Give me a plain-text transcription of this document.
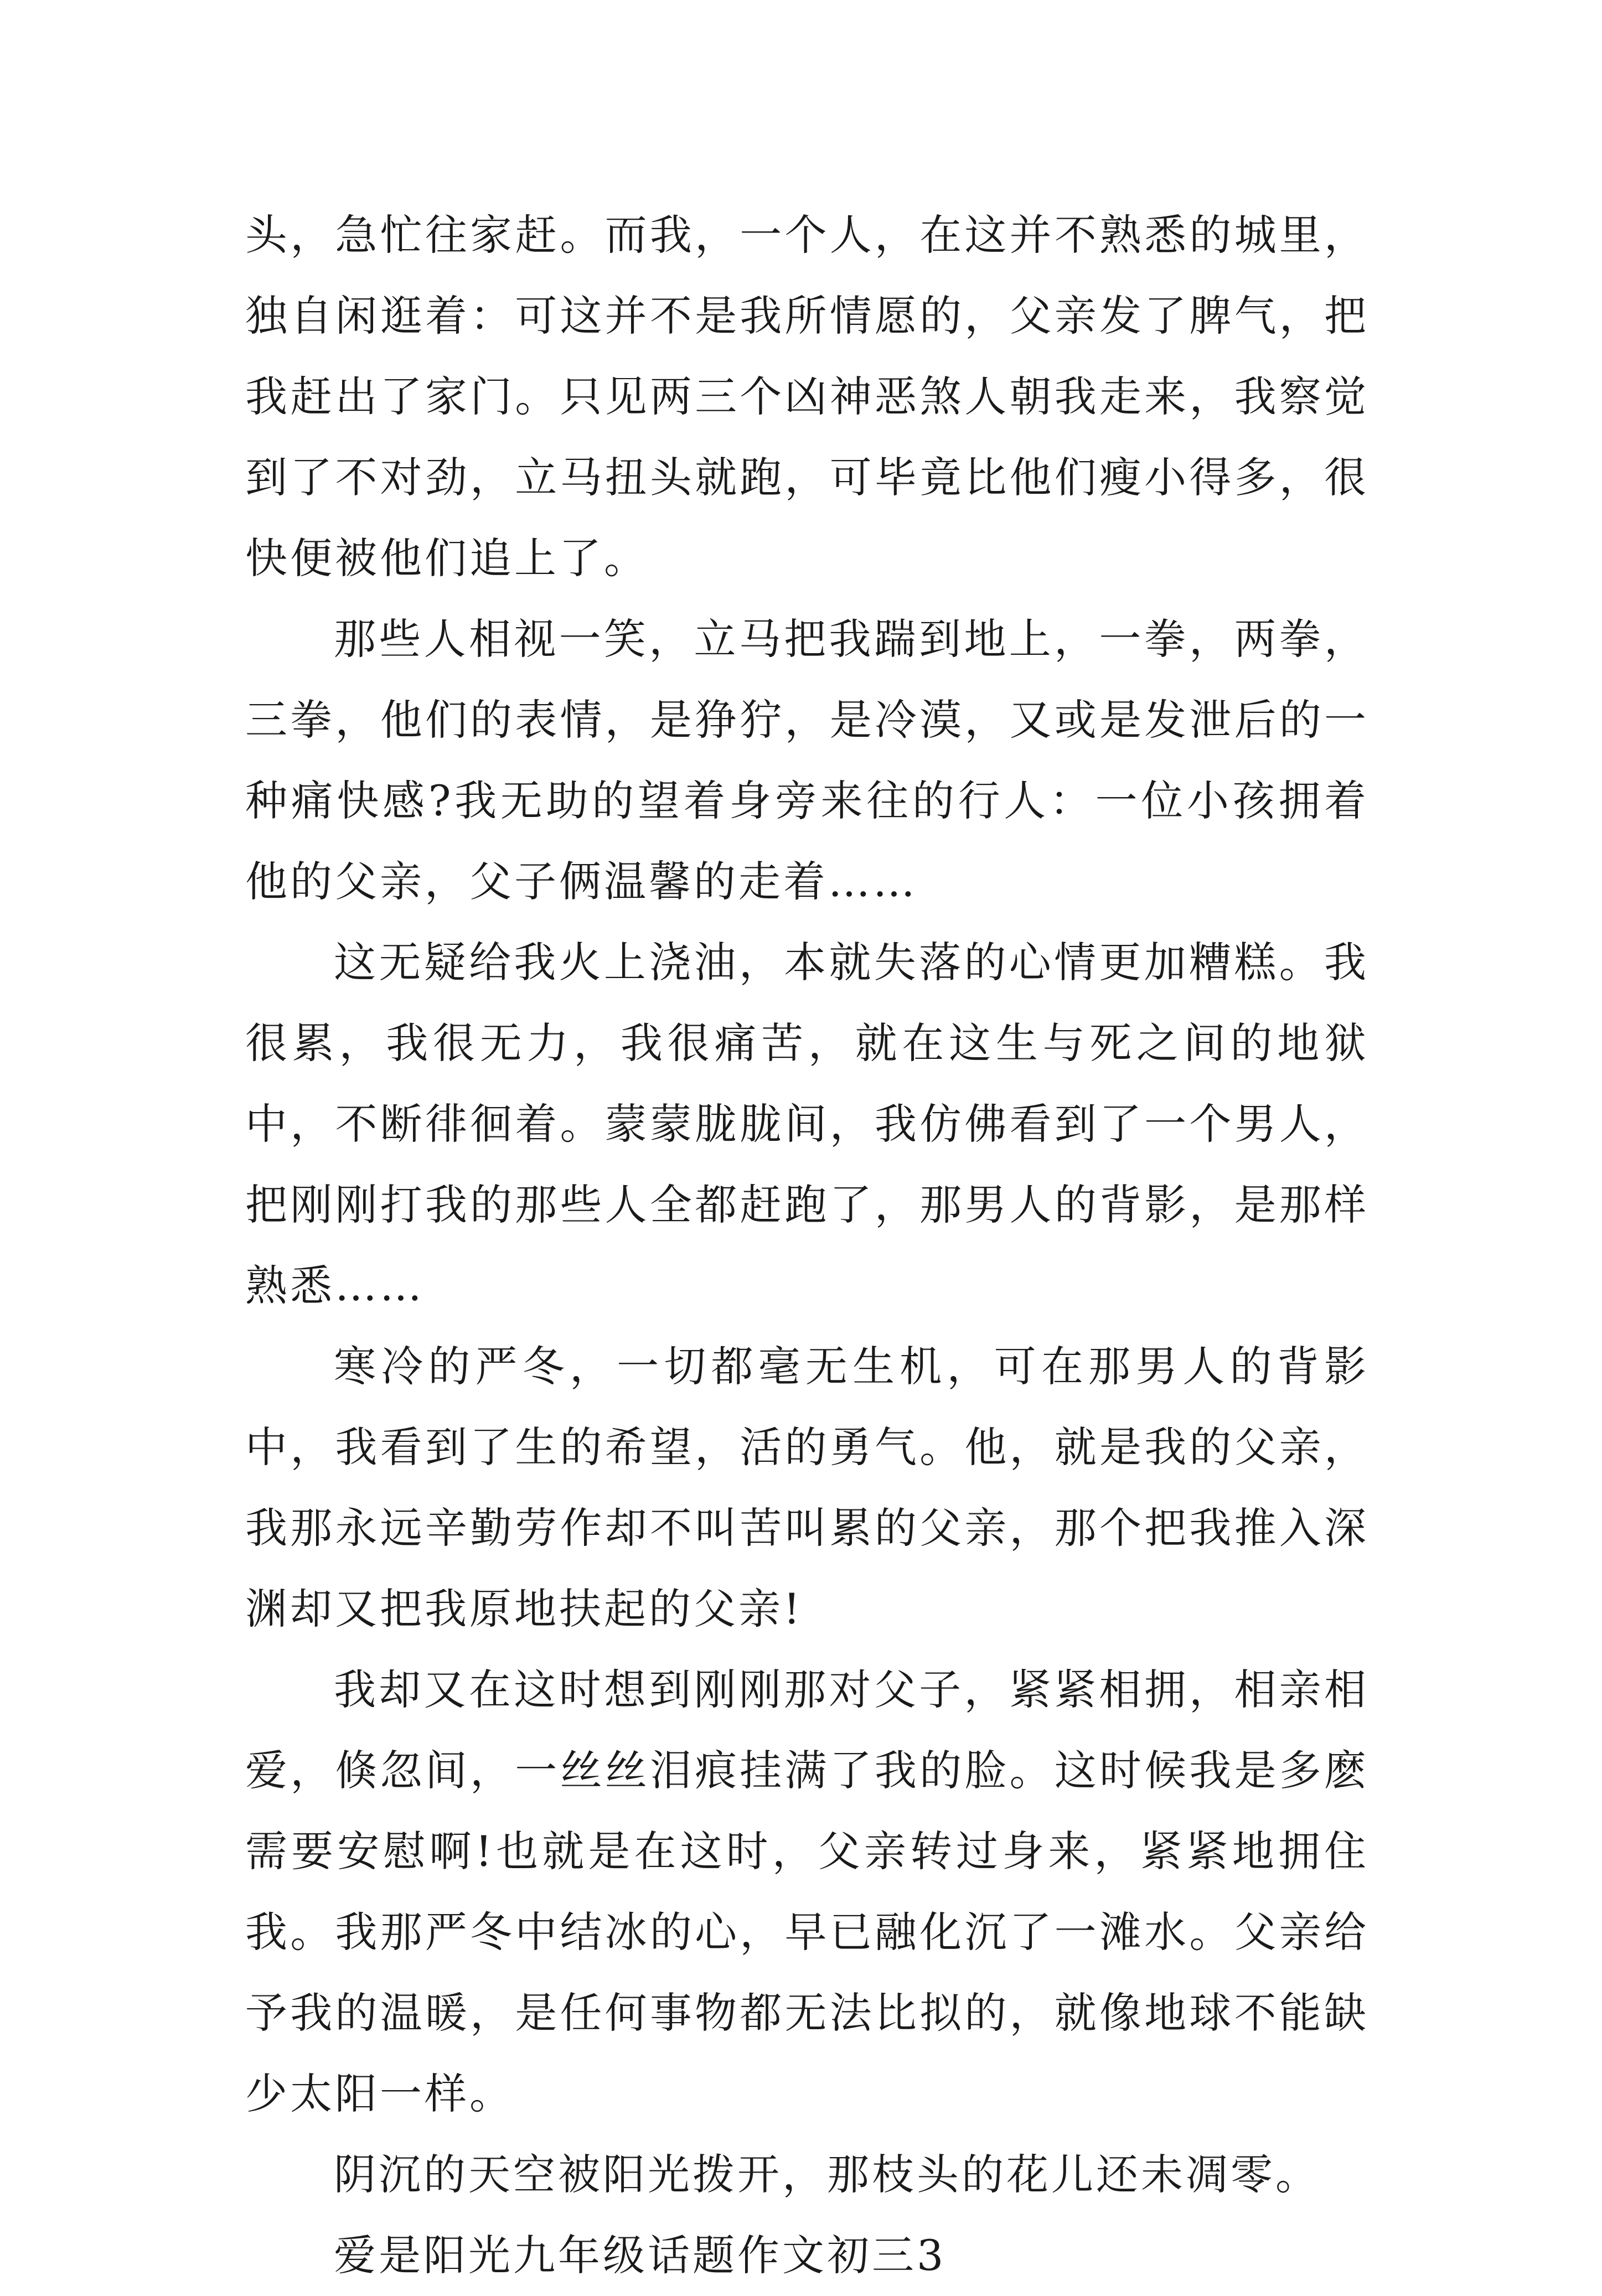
头，急忙往家赶。而我，一个人，在这并不熟悉的城里，独自闲逛着：可这并不是我所情愿的，父亲发了脾气，把我赶出了家门。只见两三个凶神恶煞人朝我走来，我察觉到了不对劲，立马扭头就跑，可毕竟比他们瘦小得多，很快便被他们追上了。

那些人相视一笑，立马把我踹到地上，一拳，两拳，三拳，他们的表情，是狰狞，是冷漠，又或是发泄后的一种痛快感?我无助的望着身旁来往的行人：一位小孩拥着他的父亲，父子俩温馨的走着……

这无疑给我火上浇油，本就失落的心情更加糟糕。我很累，我很无力，我很痛苦，就在这生与死之间的地狱中，不断徘徊着。蒙蒙胧胧间，我仿佛看到了一个男人，把刚刚打我的那些人全都赶跑了，那男人的背影，是那样熟悉……

寒冷的严冬，一切都毫无生机，可在那男人的背影中，我看到了生的希望，活的勇气。他，就是我的父亲，我那永远辛勤劳作却不叫苦叫累的父亲，那个把我推入深渊却又把我原地扶起的父亲!

我却又在这时想到刚刚那对父子，紧紧相拥，相亲相爱，倏忽间，一丝丝泪痕挂满了我的脸。这时候我是多麽需要安慰啊!也就是在这时，父亲转过身来，紧紧地拥住我。我那严冬中结冰的心，早已融化沉了一滩水。父亲给予我的温暖，是任何事物都无法比拟的，就像地球不能缺少太阳一样。

阴沉的天空被阳光拨开，那枝头的花儿还未凋零。

爱是阳光九年级话题作文初三3
